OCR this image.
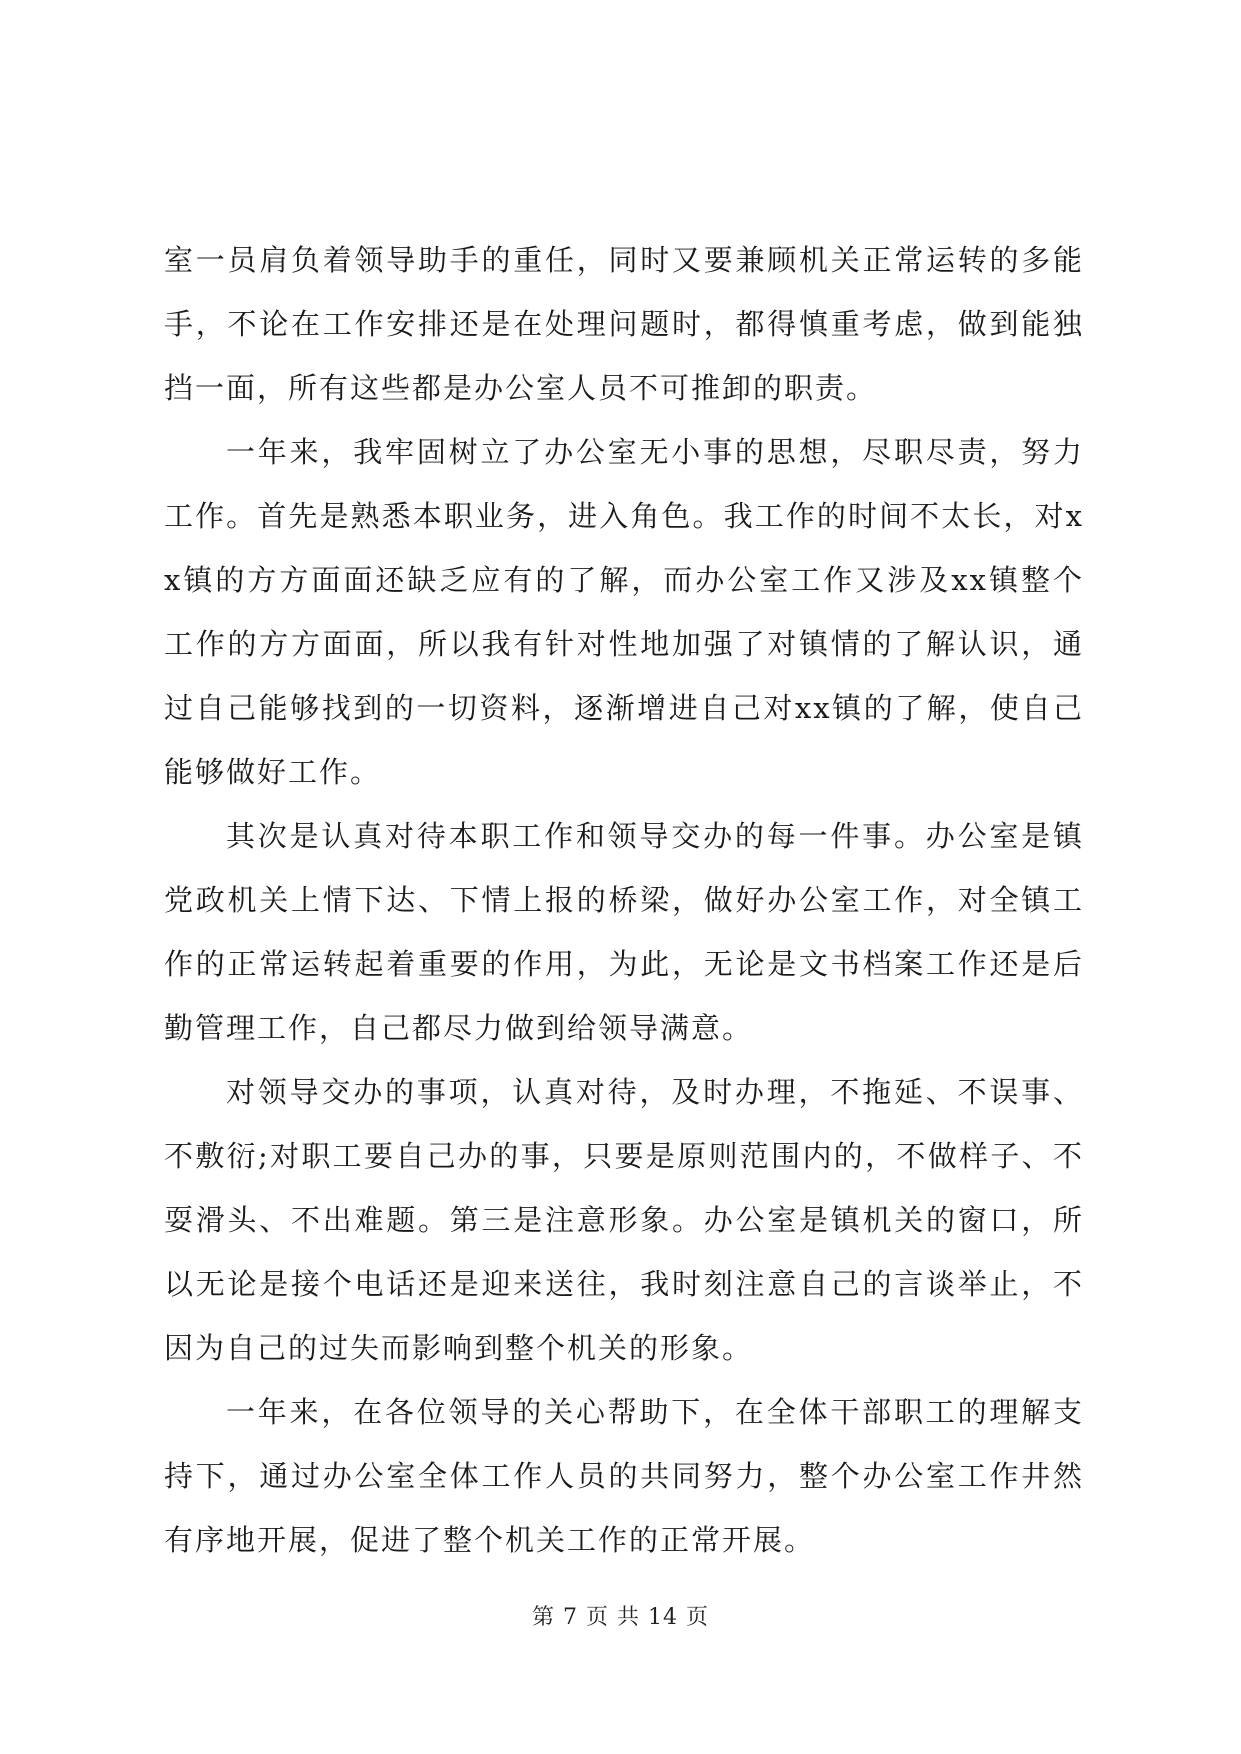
室一员肩负着领导助手的重任，同时又要兼顾机关正常运转的多能手，不论在工作安排还是在处理问题时，都得慎重考虑，做到能独挡一面，所有这些都是办公室人员不可推卸的职责。

一年来，我牢固树立了办公室无小事的思想，尽职尽责，努力工作。首先是熟悉本职业务，进入角色。我工作的时间不太长，对xx镇的方方面面还缺乏应有的了解，而办公室工作又涉及xx镇整个工作的方方面面，所以我有针对性地加强了对镇情的了解认识，通过自己能够找到的一切资料，逐渐增进自己对xx镇的了解，使自己能够做好工作。

其次是认真对待本职工作和领导交办的每一件事。办公室是镇党政机关上情下达、下情上报的桥梁，做好办公室工作，对全镇工作的正常运转起着重要的作用，为此，无论是文书档案工作还是后勤管理工作，自己都尽力做到给领导满意。

对领导交办的事项，认真对待，及时办理，不拖延、不误事、不敷衍;对职工要自己办的事，只要是原则范围内的，不做样子、不耍滑头、不出难题。第三是注意形象。办公室是镇机关的窗口，所以无论是接个电话还是迎来送往，我时刻注意自己的言谈举止，不因为自己的过失而影响到整个机关的形象。

一年来，在各位领导的关心帮助下，在全体干部职工的理解支持下，通过办公室全体工作人员的共同努力，整个办公室工作井然有序地开展，促进了整个机关工作的正常开展。

第 7 页 共 14 页
